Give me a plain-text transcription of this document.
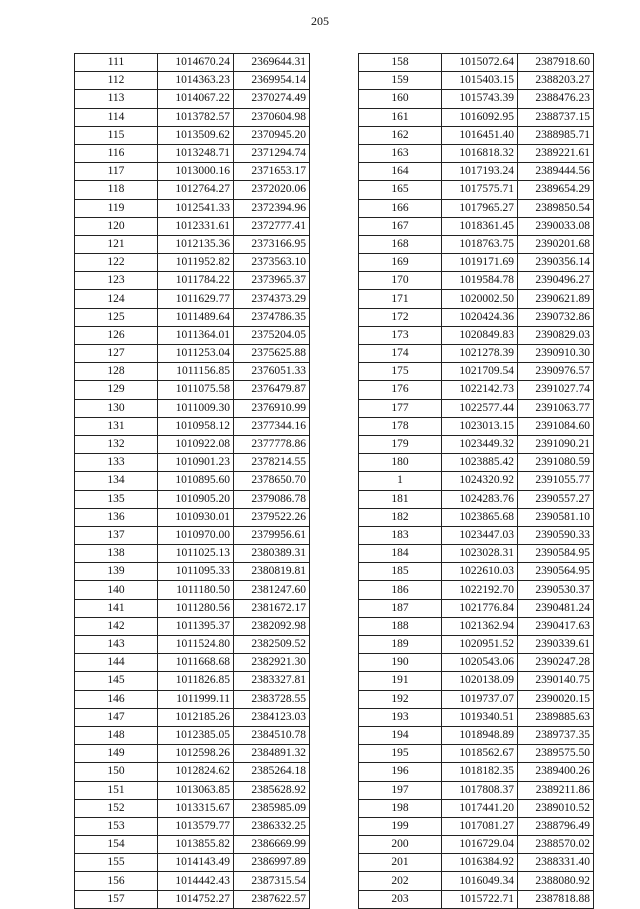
205
111	1014670.24	2369644.31
112	1014363.23	2369954.14
113	1014067.22	2370274.49
114	1013782.57	2370604.98
115	1013509.62	2370945.20
116	1013248.71	2371294.74
117	1013000.16	2371653.17
118	1012764.27	2372020.06
119	1012541.33	2372394.96
120	1012331.61	2372777.41
121	1012135.36	2373166.95
122	1011952.82	2373563.10
123	1011784.22	2373965.37
124	1011629.77	2374373.29
125	1011489.64	2374786.35
126	1011364.01	2375204.05
127	1011253.04	2375625.88
128	1011156.85	2376051.33
129	1011075.58	2376479.87
130	1011009.30	2376910.99
131	1010958.12	2377344.16
132	1010922.08	2377778.86
133	1010901.23	2378214.55
134	1010895.60	2378650.70
135	1010905.20	2379086.78
136	1010930.01	2379522.26
137	1010970.00	2379956.61
138	1011025.13	2380389.31
139	1011095.33	2380819.81
140	1011180.50	2381247.60
141	1011280.56	2381672.17
142	1011395.37	2382092.98
143	1011524.80	2382509.52
144	1011668.68	2382921.30
145	1011826.85	2383327.81
146	1011999.11	2383728.55
147	1012185.26	2384123.03
148	1012385.05	2384510.78
149	1012598.26	2384891.32
150	1012824.62	2385264.18
151	1013063.85	2385628.92
152	1013315.67	2385985.09
153	1013579.77	2386332.25
154	1013855.82	2386669.99
155	1014143.49	2386997.89
156	1014442.43	2387315.54
157	1014752.27	2387622.57
158	1015072.64	2387918.60
159	1015403.15	2388203.27
160	1015743.39	2388476.23
161	1016092.95	2388737.15
162	1016451.40	2388985.71
163	1016818.32	2389221.61
164	1017193.24	2389444.56
165	1017575.71	2389654.29
166	1017965.27	2389850.54
167	1018361.45	2390033.08
168	1018763.75	2390201.68
169	1019171.69	2390356.14
170	1019584.78	2390496.27
171	1020002.50	2390621.89
172	1020424.36	2390732.86
173	1020849.83	2390829.03
174	1021278.39	2390910.30
175	1021709.54	2390976.57
176	1022142.73	2391027.74
177	1022577.44	2391063.77
178	1023013.15	2391084.60
179	1023449.32	2391090.21
180	1023885.42	2391080.59
1	1024320.92	2391055.77
181	1024283.76	2390557.27
182	1023865.68	2390581.10
183	1023447.03	2390590.33
184	1023028.31	2390584.95
185	1022610.03	2390564.95
186	1022192.70	2390530.37
187	1021776.84	2390481.24
188	1021362.94	2390417.63
189	1020951.52	2390339.61
190	1020543.06	2390247.28
191	1020138.09	2390140.75
192	1019737.07	2390020.15
193	1019340.51	2389885.63
194	1018948.89	2389737.35
195	1018562.67	2389575.50
196	1018182.35	2389400.26
197	1017808.37	2389211.86
198	1017441.20	2389010.52
199	1017081.27	2388796.49
200	1016729.04	2388570.02
201	1016384.92	2388331.40
202	1016049.34	2388080.92
203	1015722.71	2387818.88
